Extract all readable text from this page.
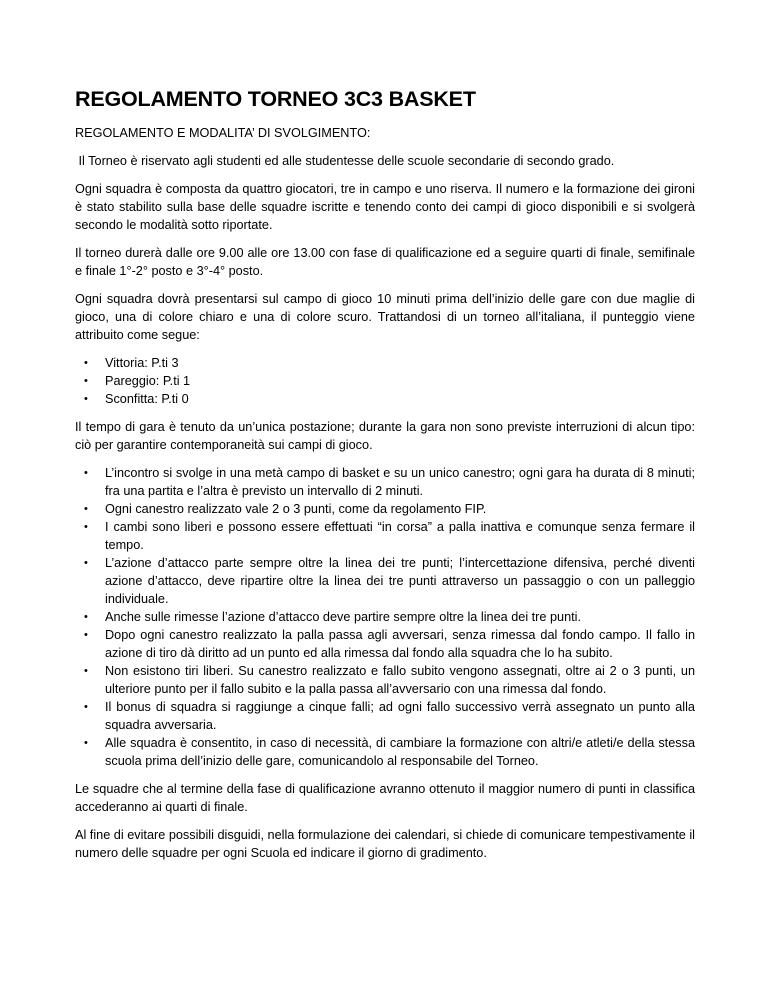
REGOLAMENTO TORNEO 3C3 BASKET

REGOLAMENTO E MODALITA’ DI SVOLGIMENTO:

Il Torneo è riservato agli studenti ed alle studentesse delle scuole secondarie di secondo grado.

Ogni squadra è composta da quattro giocatori, tre in campo e uno riserva. Il numero e la formazione dei gironi è stato stabilito sulla base delle squadre iscritte e tenendo conto dei campi di gioco disponibili e si svolgerà secondo le modalità sotto riportate.

Il torneo durerà dalle ore 9.00 alle ore 13.00 con fase di qualificazione ed a seguire quarti di finale, semifinale e finale 1°-2° posto e 3°-4° posto.

Ogni squadra dovrà presentarsi sul campo di gioco 10 minuti prima dell’inizio delle gare con due maglie di gioco, una di colore chiaro e una di colore scuro. Trattandosi di un torneo all’italiana, il punteggio viene attribuito come segue:

• Vittoria: P.ti 3
• Pareggio: P.ti 1
• Sconfitta: P.ti 0

Il tempo di gara è tenuto da un’unica postazione; durante la gara non sono previste interruzioni di alcun tipo: ciò per garantire contemporaneità sui campi di gioco.

• L’incontro si svolge in una metà campo di basket e su un unico canestro; ogni gara ha durata di 8 minuti; fra una partita e l’altra è previsto un intervallo di 2 minuti.
• Ogni canestro realizzato vale 2 o 3 punti, come da regolamento FIP.
• I cambi sono liberi e possono essere effettuati “in corsa” a palla inattiva e comunque senza fermare il tempo.
• L’azione d’attacco parte sempre oltre la linea dei tre punti; l’intercettazione difensiva, perché diventi azione d’attacco, deve ripartire oltre la linea dei tre punti attraverso un passaggio o con un palleggio individuale.
• Anche sulle rimesse l’azione d’attacco deve partire sempre oltre la linea dei tre punti.
• Dopo ogni canestro realizzato la palla passa agli avversari, senza rimessa dal fondo campo. Il fallo in azione di tiro dà diritto ad un punto ed alla rimessa dal fondo alla squadra che lo ha subito.
• Non esistono tiri liberi. Su canestro realizzato e fallo subito vengono assegnati, oltre ai 2 o 3 punti, un ulteriore punto per il fallo subito e la palla passa all’avversario con una rimessa dal fondo.
• Il bonus di squadra si raggiunge a cinque falli; ad ogni fallo successivo verrà assegnato un punto alla squadra avversaria.
• Alle squadra è consentito, in caso di necessità, di cambiare la formazione con altri/e atleti/e della stessa scuola prima dell’inizio delle gare, comunicandolo al responsabile del Torneo.

Le squadre che al termine della fase di qualificazione avranno ottenuto il maggior numero di punti in classifica accederanno ai quarti di finale.

Al fine di evitare possibili disguidi, nella formulazione dei calendari, si chiede di comunicare tempestivamente il numero delle squadre per ogni Scuola ed indicare il giorno di gradimento.
